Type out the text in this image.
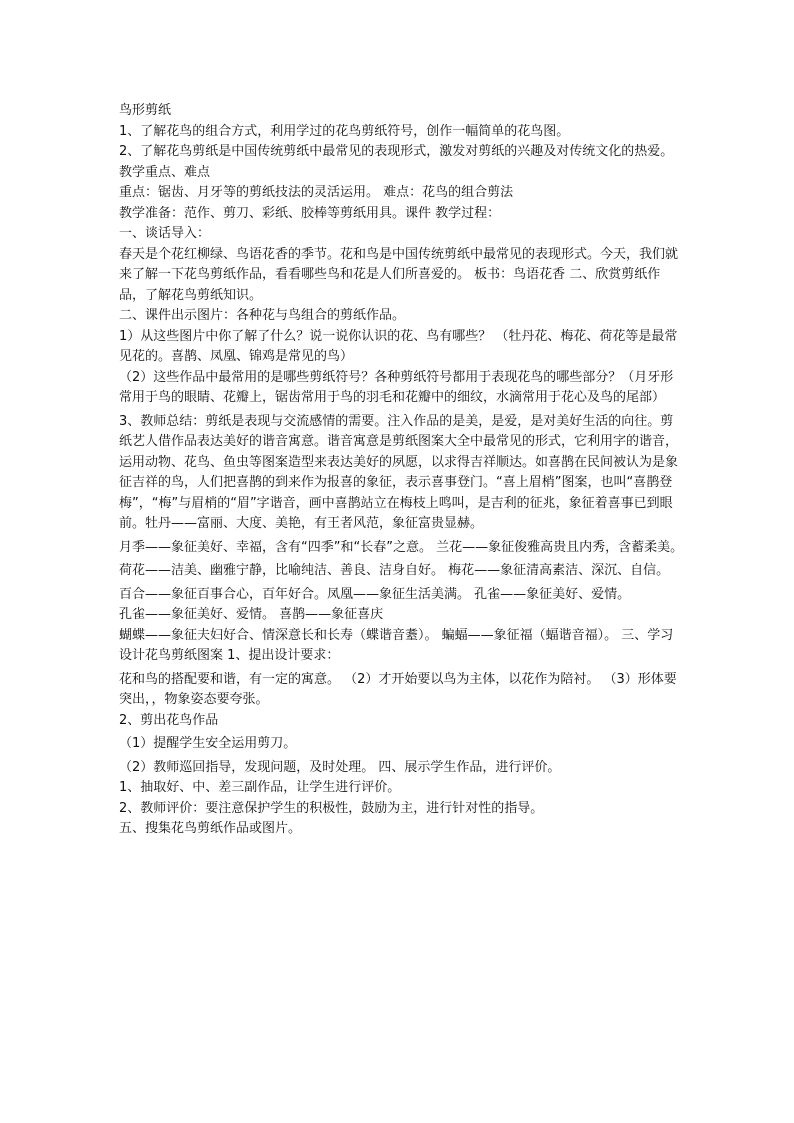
鸟形剪纸

1、了解花鸟的组合方式，利用学过的花鸟剪纸符号，创作一幅简单的花鸟图。

2、了解花鸟剪纸是中国传统剪纸中最常见的表现形式，激发对剪纸的兴趣及对传统文化的热爱。

教学重点、难点

重点：锯齿、月牙等的剪纸技法的灵活运用。 难点：花鸟的组合剪法

教学准备：范作、剪刀、彩纸、胶棒等剪纸用具。课件 教学过程：

一、谈话导入：

春天是个花红柳绿、鸟语花香的季节。花和鸟是中国传统剪纸中最常见的表现形式。今天，我们就来了解一下花鸟剪纸作品，看看哪些鸟和花是人们所喜爱的。 板书：鸟语花香 二、欣赏剪纸作品，了解花鸟剪纸知识。

二、课件出示图片：各种花与鸟组合的剪纸作品。

1）从这些图片中你了解了什么？说一说你认识的花、鸟有哪些？ （牡丹花、梅花、荷花等是最常见花的。喜鹊、凤凰、锦鸡是常见的鸟）

（2）这些作品中最常用的是哪些剪纸符号？各种剪纸符号都用于表现花鸟的哪些部分？（月牙形常用于鸟的眼睛、花瓣上，锯齿常用于鸟的羽毛和花瓣中的细纹，水滴常用于花心及鸟的尾部）

3、教师总结：剪纸是表现与交流感情的需要。注入作品的是美，是爱，是对美好生活的向往。剪纸艺人借作品表达美好的谐音寓意。谐音寓意是剪纸图案大全中最常见的形式，它利用字的谐音，运用动物、花鸟、鱼虫等图案造型来表达美好的夙愿，以求得吉祥顺达。如喜鹊在民间被认为是象征吉祥的鸟，人们把喜鹊的到来作为报喜的象征，表示喜事登门。“喜上眉梢”图案，也叫“喜鹊登梅”，“梅”与眉梢的“眉”字谐音，画中喜鹊站立在梅枝上鸣叫，是吉利的征兆，象征着喜事已到眼前。牡丹——富丽、大度、美艳，有王者风范，象征富贵显赫。

月季——象征美好、幸福，含有“四季”和“长春”之意。 兰花——象征俊雅高贵且内秀，含蓄柔美。

荷花——洁美、幽雅宁静，比喻纯洁、善良、洁身自好。 梅花——象征清高素洁、深沉、自信。

百合——象征百事合心，百年好合。凤凰——象征生活美满。 孔雀——象征美好、爱情。

孔雀——象征美好、爱情。 喜鹊——象征喜庆

蝴蝶——象征夫妇好合、情深意长和长寿（蝶谐音耋）。 蝙蝠——象征福（蝠谐音福）。 三、学习设计花鸟剪纸图案 1、提出设计要求：

花和鸟的搭配要和谐，有一定的寓意。 （2）才开始要以鸟为主体，以花作为陪衬。 （3）形体要突出，，物象姿态要夸张。

2、剪出花鸟作品

（1）提醒学生安全运用剪刀。

（2）教师巡回指导，发现问题，及时处理。 四、展示学生作品，进行评价。

1、抽取好、中、差三副作品，让学生进行评价。

2、教师评价：要注意保护学生的积极性，鼓励为主，进行针对性的指导。

五、搜集花鸟剪纸作品或图片。
